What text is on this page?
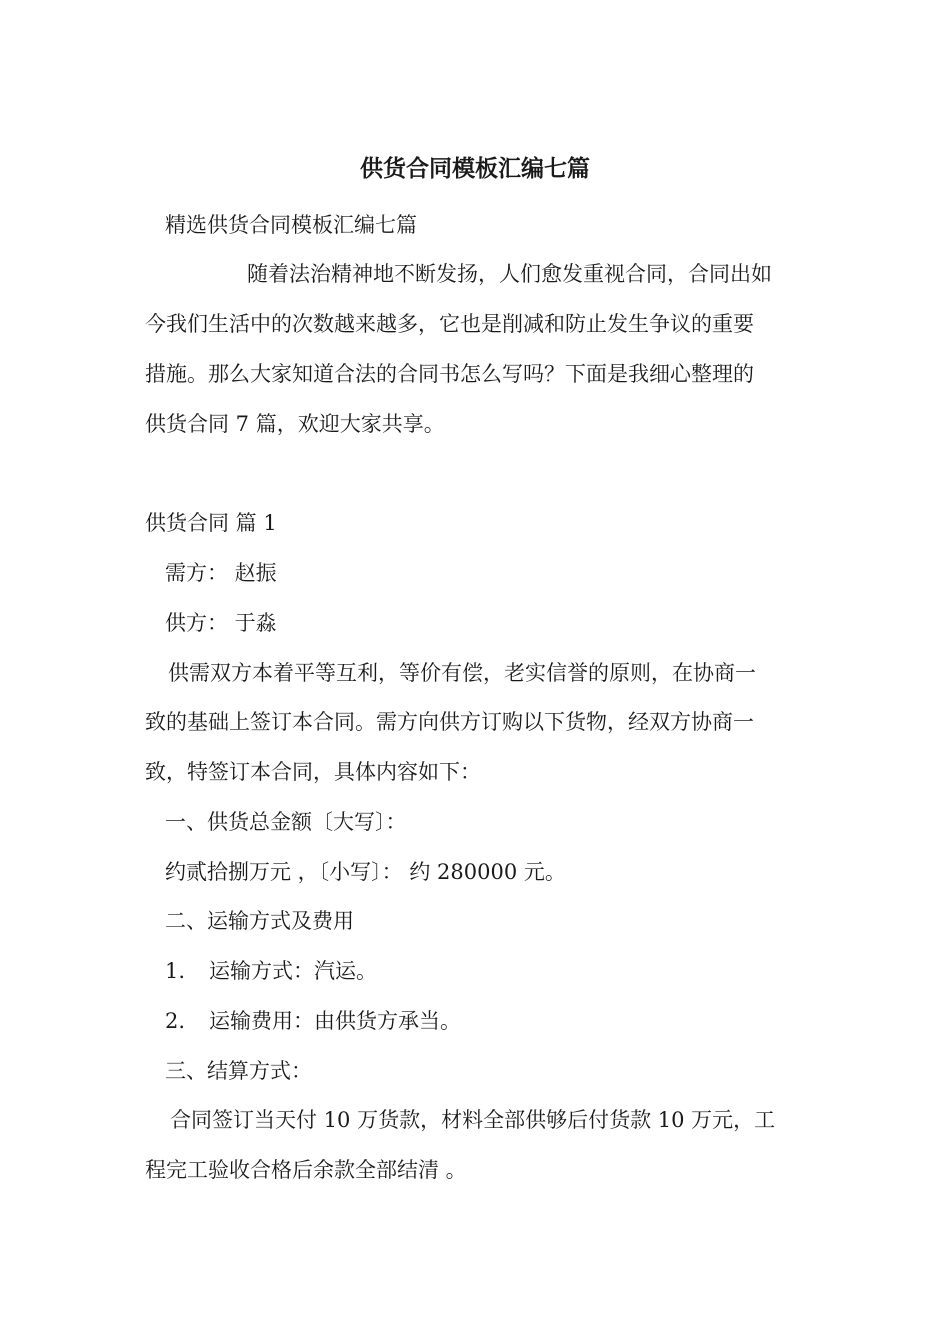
供货合同模板汇编七篇
精选供货合同模板汇编七篇
随着法治精神地不断发扬，人们愈发重视合同，合同出如
今我们生活中的次数越来越多，它也是削减和防止发生争议的重要
措施。那么大家知道合法的合同书怎么写吗？下面是我细心整理的
供货合同 7 篇，欢迎大家共享。
供货合同 篇 1
需方： 赵振
供方： 于淼
供需双方本着平等互利，等价有偿，老实信誉的原则，在协商一
致的基础上签订本合同。需方向供方订购以下货物，经双方协商一
致，特签订本合同，具体内容如下：
一、供货总金额〔大写〕：
约贰拾捌万元 ，〔小写〕： 约 280000 元。
二、运输方式及费用
1. 运输方式：汽运。
2. 运输费用：由供货方承当。
三、结算方式：
合同签订当天付 10 万货款，材料全部供够后付货款 10 万元，工
程完工验收合格后余款全部结清 。
